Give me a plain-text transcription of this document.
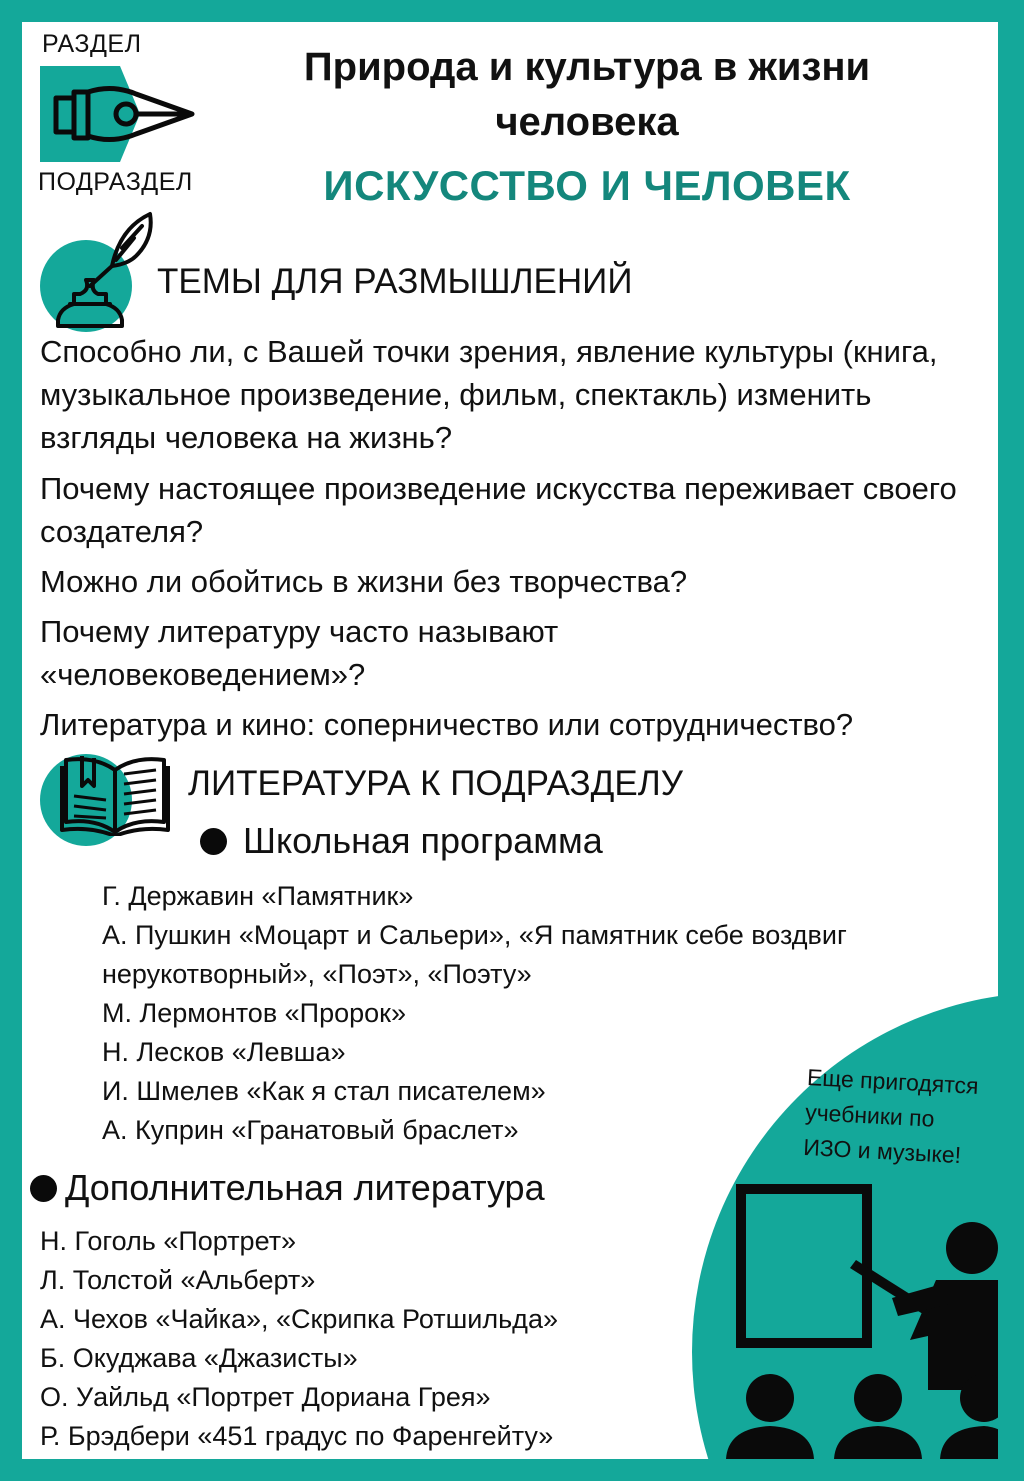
РАЗДЕЛ
ПОДРАЗДЕЛ
Природа и культура в жизни
человека
ИСКУССТВО И ЧЕЛОВЕК
ТЕМЫ ДЛЯ РАЗМЫШЛЕНИЙ
Способно ли, с Вашей точки зрения, явление культуры (книга, музыкальное произведение, фильм, спектакль) изменить взгляды человека на жизнь?
Почему настоящее произведение искусства переживает своего создателя?
Можно ли обойтись в жизни без творчества?
Почему литературу часто называют «человековедением»?
Литература и кино: соперничество или сотрудничество?
ЛИТЕРАТУРА К ПОДРАЗДЕЛУ
Школьная программа
Г. Державин «Памятник»
А. Пушкин «Моцарт и Сальери», «Я памятник себе воздвиг нерукотворный», «Поэт», «Поэту»
М. Лермонтов «Пророк»
Н. Лесков «Левша»
И. Шмелев «Как я стал писателем»
А. Куприн «Гранатовый браслет»
Дополнительная литература
Н. Гоголь «Портрет»
Л. Толстой «Альберт»
А. Чехов «Чайка», «Скрипка Ротшильда»
Б. Окуджава «Джазисты»
О. Уайльд «Портрет Дориана Грея»
Р. Брэдбери «451 градус по Фаренгейту»
Еще пригодятся
учебники по
ИЗО и музыке!
